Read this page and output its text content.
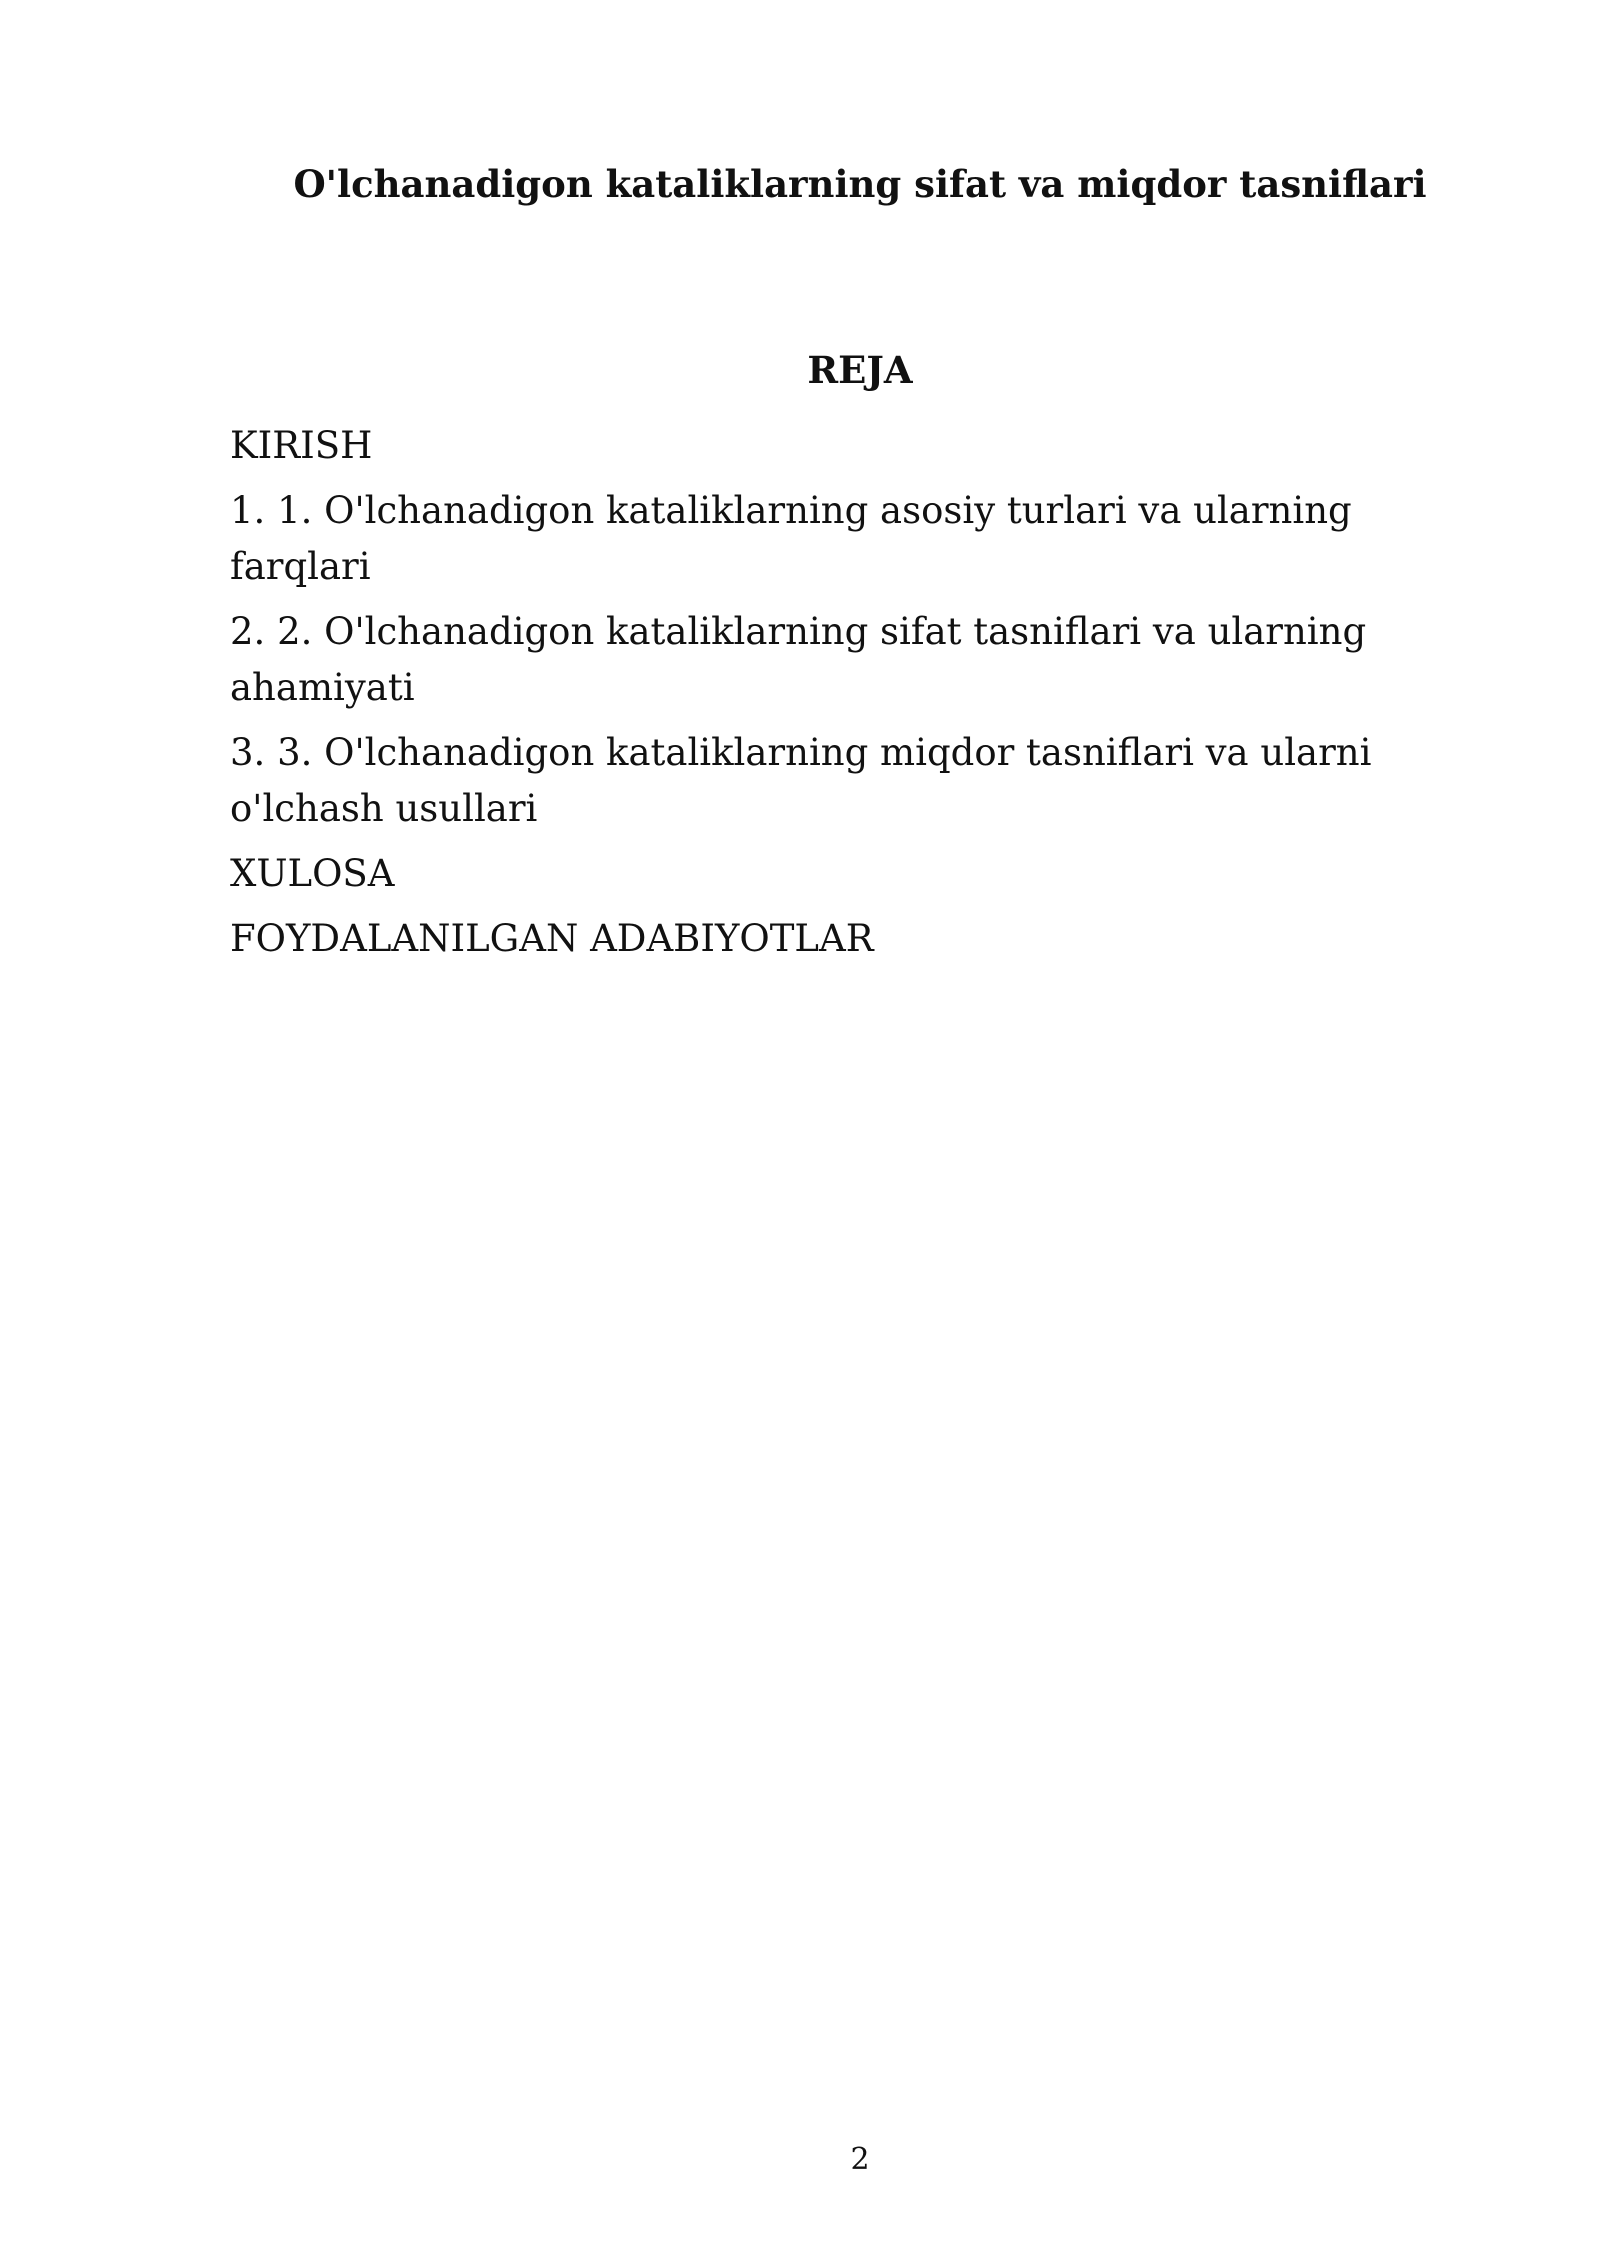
O'lchanadigon kataliklarning sifat va miqdor tasniflari
REJA
KIRISH
1. 1. O'lchanadigon kataliklarning asosiy turlari va ularning farqlari
2. 2. O'lchanadigon kataliklarning sifat tasniflari va ularning ahamiyati
3. 3. O'lchanadigon kataliklarning miqdor tasniflari va ularni o'lchash usullari
XULOSA
FOYDALANILGAN ADABIYOTLAR
2
